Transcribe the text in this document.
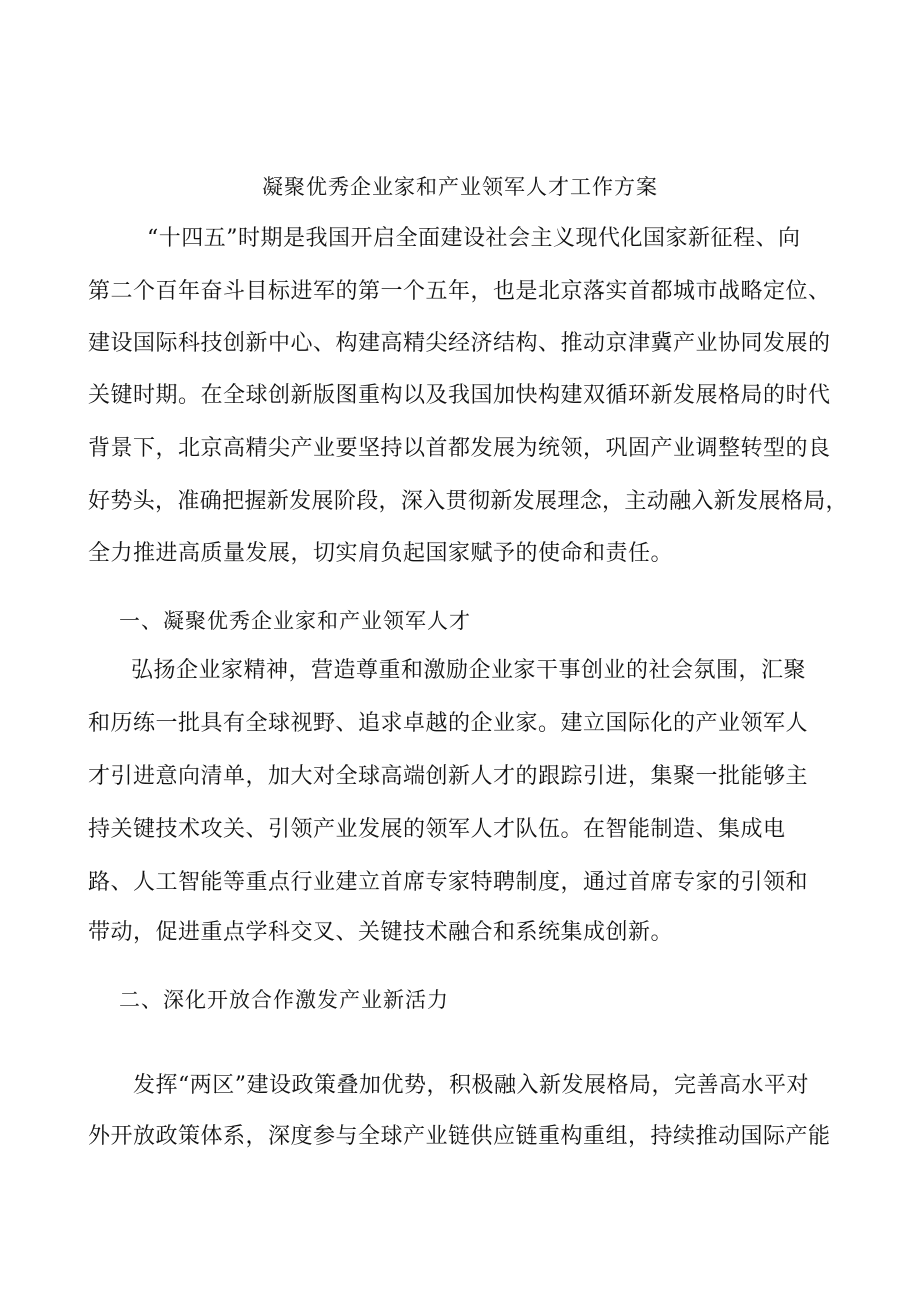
凝聚优秀企业家和产业领军人才工作方案
“十四五”时期是我国开启全面建设社会主义现代化国家新征程、向
第二个百年奋斗目标进军的第一个五年，也是北京落实首都城市战略定位、
建设国际科技创新中心、构建高精尖经济结构、推动京津冀产业协同发展的
关键时期。在全球创新版图重构以及我国加快构建双循环新发展格局的时代
背景下，北京高精尖产业要坚持以首都发展为统领，巩固产业调整转型的良
好势头，准确把握新发展阶段，深入贯彻新发展理念，主动融入新发展格局，
全力推进高质量发展，切实肩负起国家赋予的使命和责任。
一、凝聚优秀企业家和产业领军人才
弘扬企业家精神，营造尊重和激励企业家干事创业的社会氛围，汇聚
和历练一批具有全球视野、追求卓越的企业家。建立国际化的产业领军人
才引进意向清单，加大对全球高端创新人才的跟踪引进，集聚一批能够主
持关键技术攻关、引领产业发展的领军人才队伍。在智能制造、集成电
路、人工智能等重点行业建立首席专家特聘制度，通过首席专家的引领和
带动，促进重点学科交叉、关键技术融合和系统集成创新。
二、深化开放合作激发产业新活力
发挥“两区”建设政策叠加优势，积极融入新发展格局，完善高水平对
外开放政策体系，深度参与全球产业链供应链重构重组，持续推动国际产能
